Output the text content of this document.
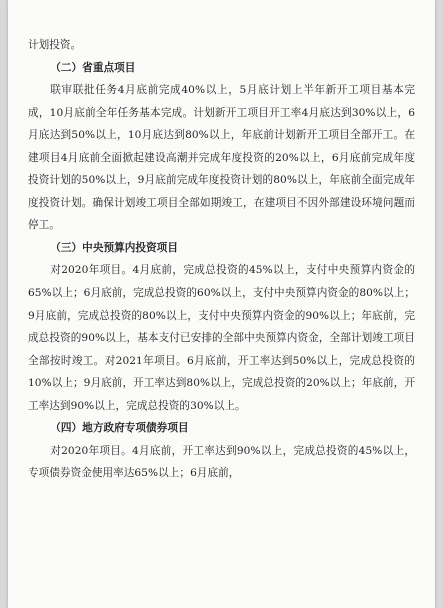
计划投资。

（二）省重点项目

联审联批任务4月底前完成40%以上，5月底计划上半年新开工项目基本完成，10月底前全年任务基本完成。计划新开工项目开工率4月底达到30%以上，6月底达到50%以上，10月底达到80%以上，年底前计划新开工项目全部开工。在建项目4月底前全面掀起建设高潮并完成年度投资的20%以上，6月底前完成年度投资计划的50%以上，9月底前完成年度投资计划的80%以上，年底前全面完成年度投资计划。确保计划竣工项目全部如期竣工，在建项目不因外部建设环境问题而停工。

（三）中央预算内投资项目

对2020年项目。4月底前，完成总投资的45%以上，支付中央预算内资金的65%以上；6月底前，完成总投资的60%以上，支付中央预算内资金的80%以上；9月底前，完成总投资的80%以上，支付中央预算内资金的90%以上；年底前，完成总投资的90%以上，基本支付已安排的全部中央预算内资金，全部计划竣工项目全部按时竣工。对2021年项目。6月底前，开工率达到50%以上，完成总投资的10%以上；9月底前，开工率达到80%以上，完成总投资的20%以上；年底前，开工率达到90%以上，完成总投资的30%以上。

（四）地方政府专项债券项目

对2020年项目。4月底前，开工率达到90%以上，完成总投资的45%以上，专项债券资金使用率达65%以上；6月底前，
